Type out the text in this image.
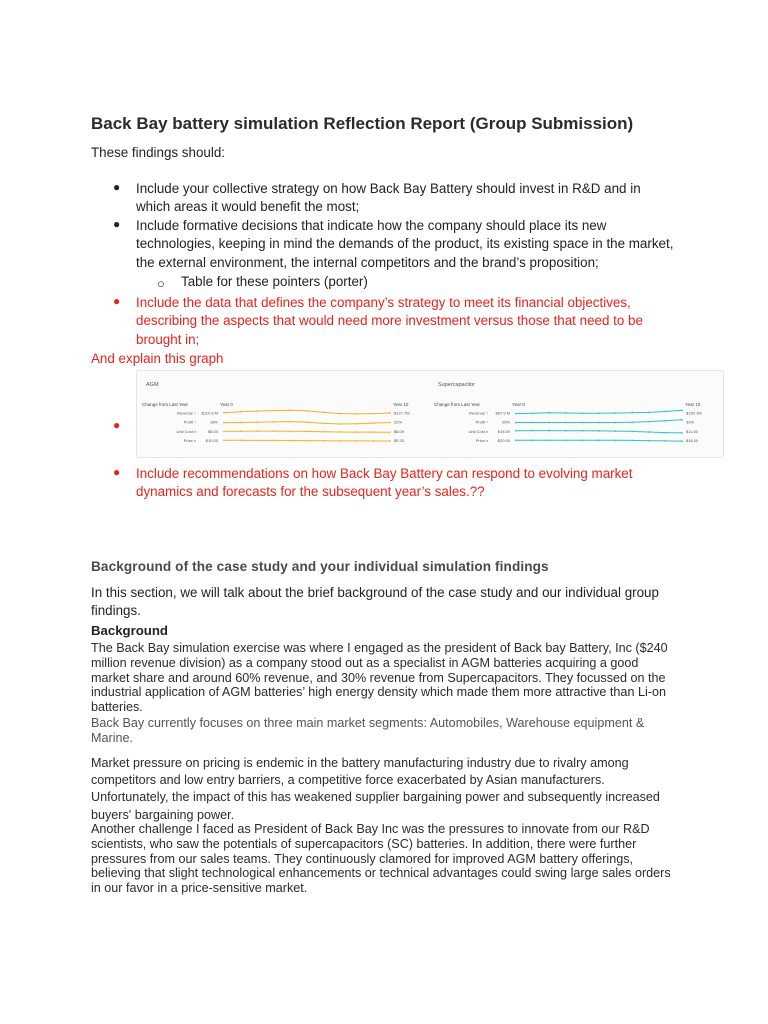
Back Bay battery simulation Reflection Report (Group Submission)
These findings should:
● Include your collective strategy on how Back Bay Battery should invest in R&D and in which areas it would benefit the most;
● Include formative decisions that indicate how the company should place its new technologies, keeping in mind the demands of the product, its existing space in the market, the external environment, the internal competitors and the brand’s proposition;
○ Table for these pointers (porter)
● Include the data that defines the company’s strategy to meet its financial objectives, describing the aspects that would need more investment versus those that need to be brought in;
And explain this graph
AGM
Change from Last Year	Year 0	Year 10
Revenue ^ $110.8 M	$127.7M
Profit ^	18%	32%
Unit Cost v	$8.00	$6.09
Price v $10.00	$9.33
Supercapacitor
Change from Last Year	Year 0	Year 10
Revenue ^ $87.5 M	$150.1M
Profit ^	25%	33%
Unit Cost v $15.00	$11.60
Price v $20.00	$18.00
●
● Include recommendations on how Back Bay Battery can respond to evolving market dynamics and forecasts for the subsequent year’s sales.??
Background of the case study and your individual simulation findings
In this section, we will talk about the brief background of the case study and our individual group findings.
Background
The Back Bay simulation exercise was where I engaged as the president of Back bay Battery, Inc ($240 million revenue division) as a company stood out as a specialist in AGM batteries acquiring a good market share and around 60% revenue, and 30% revenue from Supercapacitors. They focussed on the industrial application of AGM batteries’ high energy density which made them more attractive than Li-on batteries.
Back Bay currently focuses on three main market segments: Automobiles, Warehouse equipment & Marine.
Market pressure on pricing is endemic in the battery manufacturing industry due to rivalry among competitors and low entry barriers, a competitive force exacerbated by Asian manufacturers. Unfortunately, the impact of this has weakened supplier bargaining power and subsequently increased buyers' bargaining power.
Another challenge I faced as President of Back Bay Inc was the pressures to innovate from our R&D scientists, who saw the potentials of supercapacitors (SC) batteries. In addition, there were further pressures from our sales teams. They continuously clamored for improved AGM battery offerings, believing that slight technological enhancements or technical advantages could swing large sales orders in our favor in a price-sensitive market.
